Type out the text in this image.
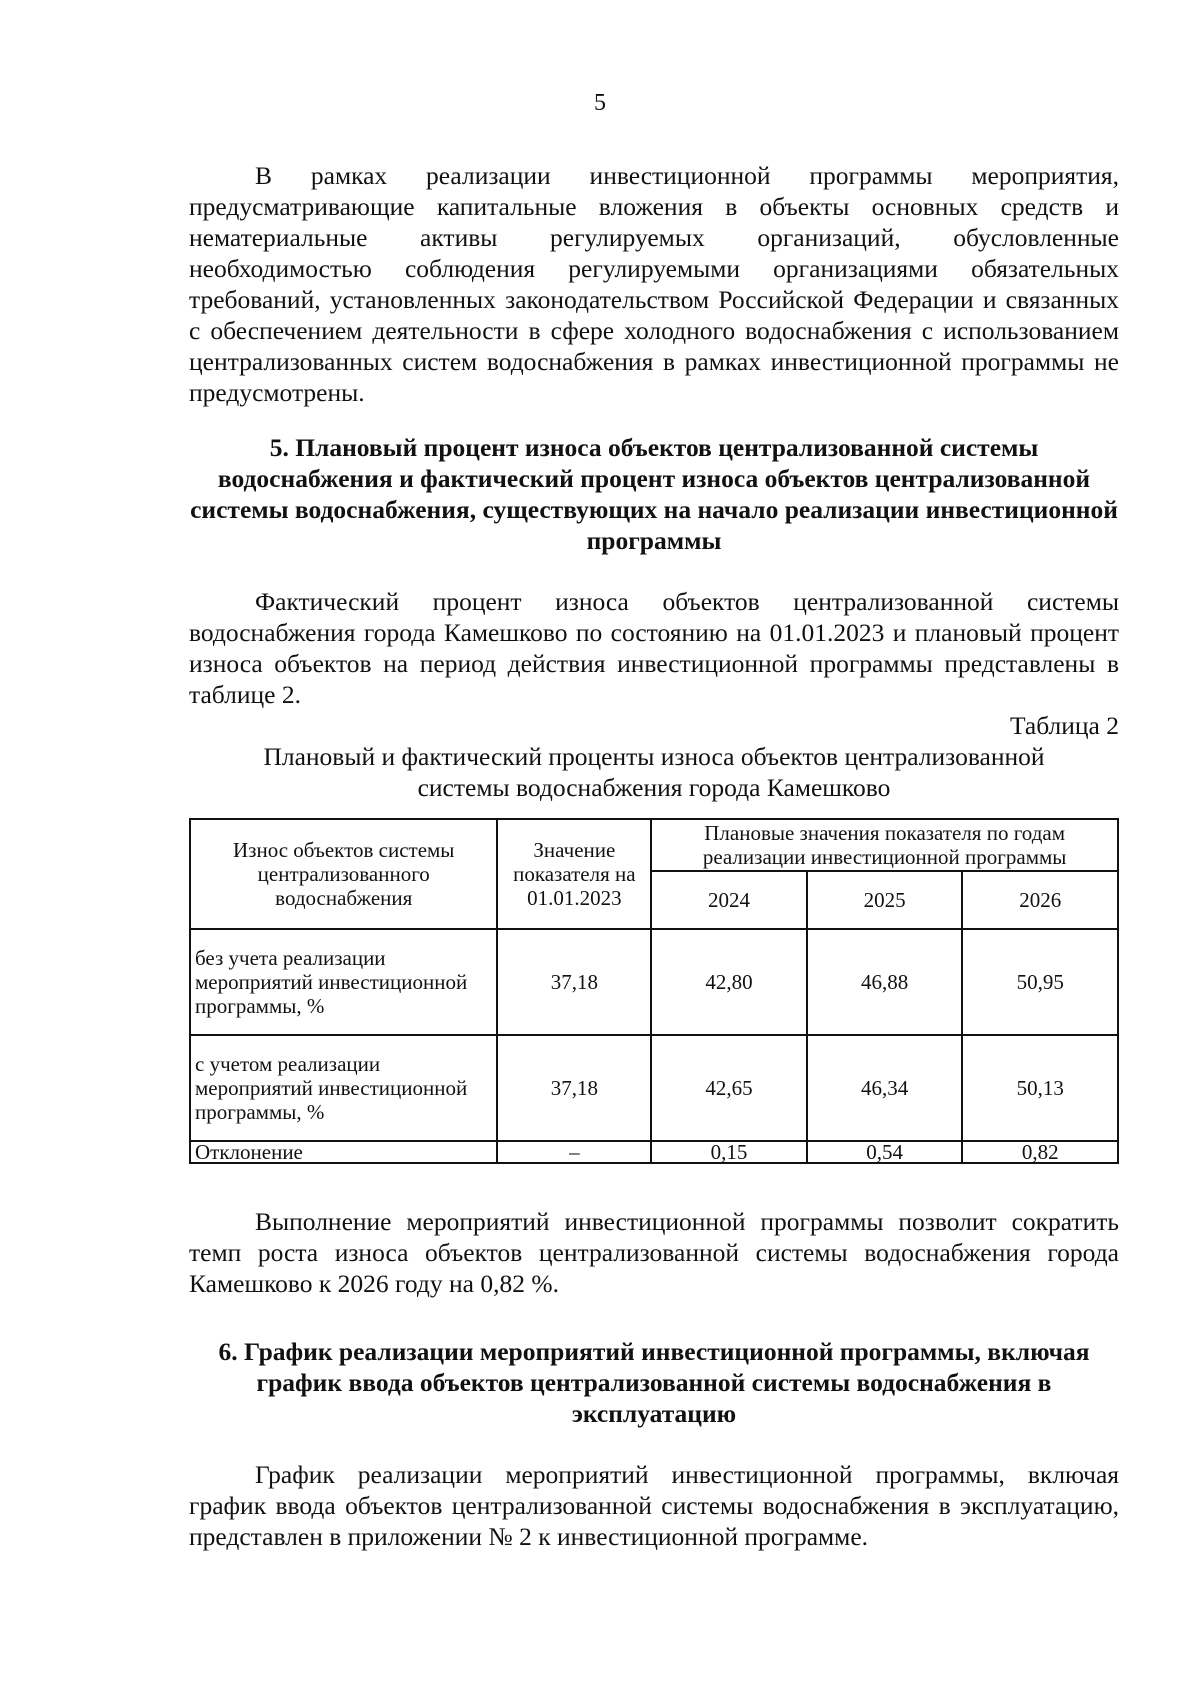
5

В рамках реализации инвестиционной программы мероприятия, предусматривающие капитальные вложения в объекты основных средств и нематериальные активы регулируемых организаций, обусловленные необходимостью соблюдения регулируемыми организациями обязательных требований, установленных законодательством Российской Федерации и связанных с обеспечением деятельности в сфере холодного водоснабжения с использованием централизованных систем водоснабжения в рамках инвестиционной программы не предусмотрены.

5. Плановый процент износа объектов централизованной системы водоснабжения и фактический процент износа объектов централизованной системы водоснабжения, существующих на начало реализации инвестиционной программы

Фактический процент износа объектов централизованной системы водоснабжения города Камешково по состоянию на 01.01.2023 и плановый процент износа объектов на период действия инвестиционной программы представлены в таблице 2.

Таблица 2

Плановый и фактический проценты износа объектов централизованной

системы водоснабжения города Камешково

Износ объектов системы централизованного водоснабжения	Значение показателя на 01.01.2023	Плановые значения показателя по годам реализации инвестиционной программы		
		2024	2025	2026
без учета реализации мероприятий инвестиционной программы, %	37,18	42,80	46,88	50,95
с учетом реализации мероприятий инвестиционной программы, %	37,18	42,65	46,34	50,13
Отклонение	–	0,15	0,54	0,82

Выполнение мероприятий инвестиционной программы позволит сократить темп роста износа объектов централизованной системы водоснабжения города Камешково к 2026 году на 0,82 %.

6. График реализации мероприятий инвестиционной программы, включая график ввода объектов централизованной системы водоснабжения в эксплуатацию

График реализации мероприятий инвестиционной программы, включая график ввода объектов централизованной системы водоснабжения в эксплуатацию, представлен в приложении № 2 к инвестиционной программе.
